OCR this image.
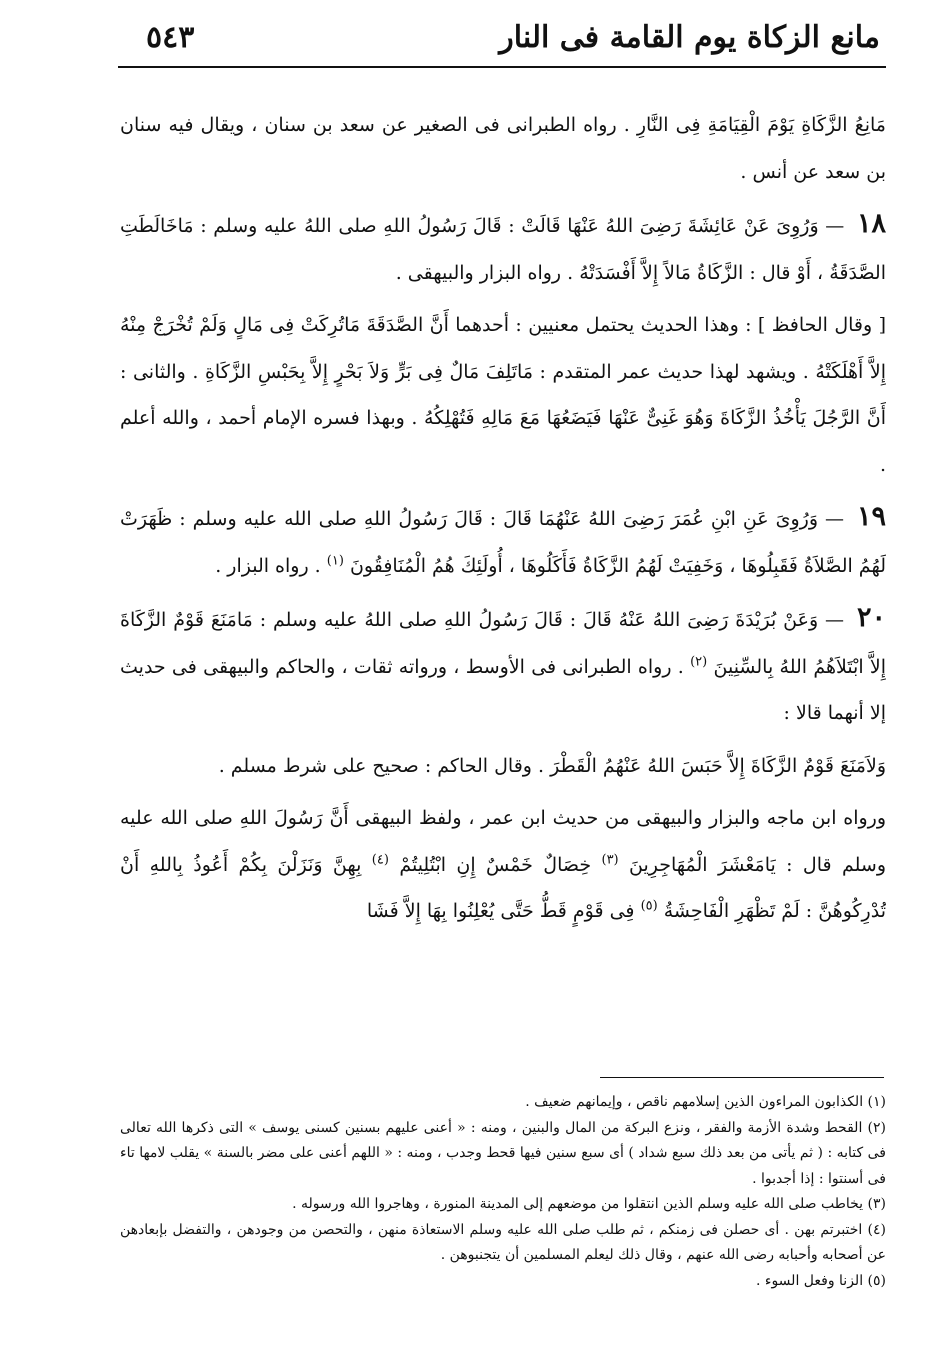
مانع الزكاة يوم القامة فى النار
٥٤٣

مَانِعُ الزَّكَاةِ يَوْمَ الْقِيَامَةِ فِى النَّارِ . رواه الطبرانى فى الصغير عن سعد بن سنان ، ويقال فيه سنان بن سعد عن أنس .

١٨ — وَرُوِىَ عَنْ عَائِشَةَ رَضِىَ اللهُ عَنْهَا قَالَتْ : قَالَ رَسُولُ اللهِ صلى اللهُ عليه وسلم : مَاخَالَطَتِ الصَّدَقَةُ ، أَوْ قال : الزَّكَاةُ مَالاً إِلاَّ أَفْسَدَتْهُ . رواه البزار والبيهقى .

[ وقال الحافظ ] : وهذا الحديث يحتمل معنيين : أحدهما أَنَّ الصَّدَقَةَ مَاتُرِكَتْ فِى مَالٍ وَلَمْ تُخْرَجْ مِنْهُ إِلاَّ أَهْلَكَتْهُ . ويشهد لهذا حديث عمر المتقدم : مَاتَلِفَ مَالٌ فِى بَرٍّ وَلاَ بَحْرٍ إِلاَّ بِحَبْسِ الزَّكَاةِ . والثانى : أَنَّ الرَّجُلَ يَأْخُذُ الزَّكَاةَ وَهُوَ غَنِىٌّ عَنْهَا فَيَضَعُهَا مَعَ مَالِهِ فَتُهْلِكُهُ . وبهذا فسره الإمام أحمد ، والله أعلم .

١٩ — وَرُوِىَ عَنِ ابْنِ عُمَرَ رَضِىَ اللهُ عَنْهُمَا قَالَ : قَالَ رَسُولُ اللهِ صلى الله عليه وسلم : ظَهَرَتْ لَهُمُ الصَّلاَةُ فَقَبِلُوهَا ، وَخَفِيَتْ لَهُمُ الزَّكَاةُ فَأَكَلُوهَا ، أُولَئِكَ هُمُ الْمُنَافِقُونَ $^{(١)}$ . رواه البزار .

٢٠ — وَعَنْ بُرَيْدَةَ رَضِىَ اللهُ عَنْهُ قَالَ : قَالَ رَسُولُ اللهِ صلى اللهُ عليه وسلم : مَامَنَعَ قَوْمٌ الزَّكَاةَ إِلاَّ ابْتَلاَهُمُ اللهُ بِالسِّنِينَ $^{(٢)}$ . رواه الطبرانى فى الأوسط ، ورواته ثقات ، والحاكم والبيهقى فى حديث إلا أنهما قالا :

وَلاَمَنَعَ قَوْمٌ الزَّكَاةَ إِلاَّ حَبَسَ اللهُ عَنْهُمُ الْقَطْرَ . وقال الحاكم : صحيح على شرط مسلم .

ورواه ابن ماجه والبزار والبيهقى من حديث ابن عمر ، ولفظ البيهقى أَنَّ رَسُولَ اللهِ صلى الله عليه وسلم قال : يَامَعْشَرَ الْمُهَاجِرِينَ $^{(٣)}$ خِصَالٌ خَمْسٌ إِنِ ابْتُلِيتُمْ $^{(٤)}$ بِهِنَّ وَنَزَلْنَ بِكُمْ أَعُوذُ بِاللهِ أَنْ تُدْرِكُوهُنَّ : لَمْ تَظْهَرِ الْفَاحِشَةُ $^{(٥)}$ فِى قَوْمٍ قَطُّ حَتَّى يُعْلِنُوا بِهَا إِلاَّ فَشَا

(١) الكذابون المراءون الذين إسلامهم ناقص ، وإيمانهم ضعيف .

(٢) القحط وشدة الأزمة والفقر ، ونزع البركة من المال والبنين ، ومنه : « أعنى عليهم بسنين كسنى يوسف » التى ذكرها الله تعالى فى كتابه : ( ثم يأتى من بعد ذلك سبع شداد ) أى سبع سنين فيها قحط وجدب ، ومنه : « اللهم أعنى على مضر بالسنة » يقلب لامها تاء فى أسنتوا : إذا أجدبوا .

(٣) يخاطب صلى الله عليه وسلم الذين انتقلوا من موضعهم إلى المدينة المنورة ، وهاجروا الله ورسوله .

(٤) اختبرتم بهن . أى حصلن فى زمنكم ، ثم طلب صلى الله عليه وسلم الاستعاذة منهن ، والتحصن من وجودهن ، والتفضل بإبعادهن عن أصحابه وأحبابه رضى الله عنهم ، وقال ذلك ليعلم المسلمين أن يتجنبوهن .

(٥) الزنا وفعل السوء .
